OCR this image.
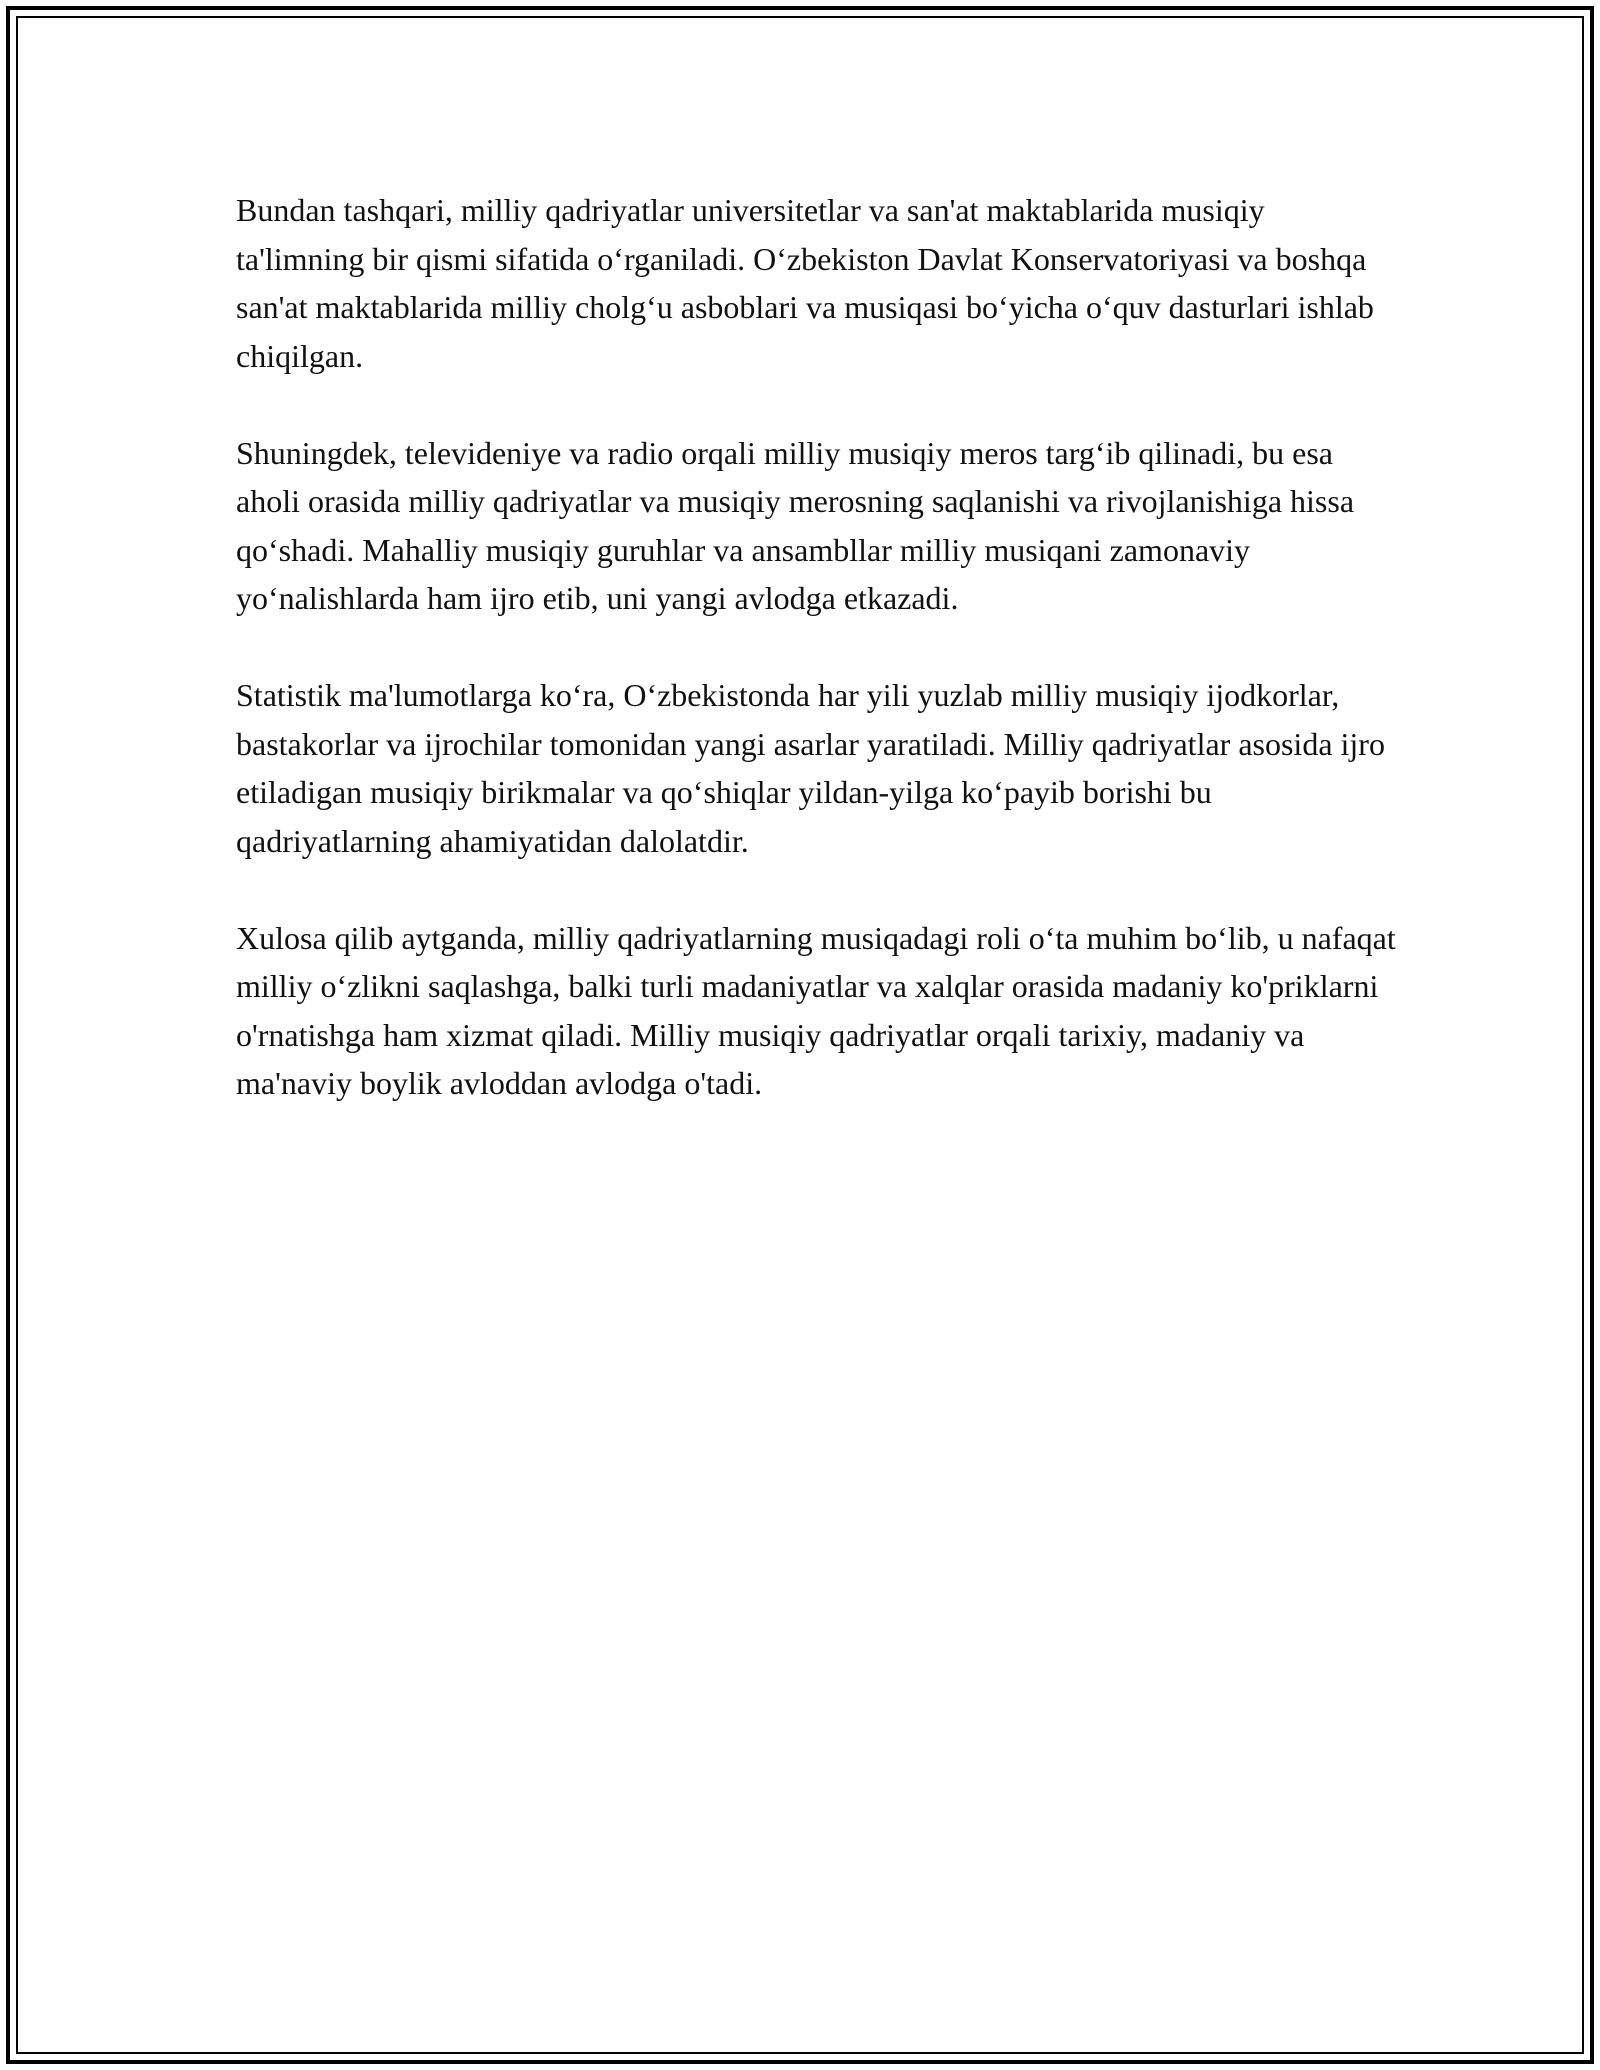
Bundan tashqari, milliy qadriyatlar universitetlar va san'at maktablarida musiqiy ta'limning bir qismi sifatida o‘rganiladi. O‘zbekiston Davlat Konservatoriyasi va boshqa san'at maktablarida milliy cholg‘u asboblari va musiqasi bo‘yicha o‘quv dasturlari ishlab chiqilgan.

Shuningdek, televideniye va radio orqali milliy musiqiy meros targ‘ib qilinadi, bu esa aholi orasida milliy qadriyatlar va musiqiy merosning saqlanishi va rivojlanishiga hissa qo‘shadi. Mahalliy musiqiy guruhlar va ansambllar milliy musiqani zamonaviy yo‘nalishlarda ham ijro etib, uni yangi avlodga etkazadi.

Statistik ma'lumotlarga ko‘ra, O‘zbekistonda har yili yuzlab milliy musiqiy ijodkorlar, bastakorlar va ijrochilar tomonidan yangi asarlar yaratiladi. Milliy qadriyatlar asosida ijro etiladigan musiqiy birikmalar va qo‘shiqlar yildan-yilga ko‘payib borishi bu qadriyatlarning ahamiyatidan dalolatdir.

Xulosa qilib aytganda, milliy qadriyatlarning musiqadagi roli o‘ta muhim bo‘lib, u nafaqat milliy o‘zlikni saqlashga, balki turli madaniyatlar va xalqlar orasida madaniy ko'priklarni o'rnatishga ham xizmat qiladi. Milliy musiqiy qadriyatlar orqali tarixiy, madaniy va ma'naviy boylik avloddan avlodga o'tadi.
